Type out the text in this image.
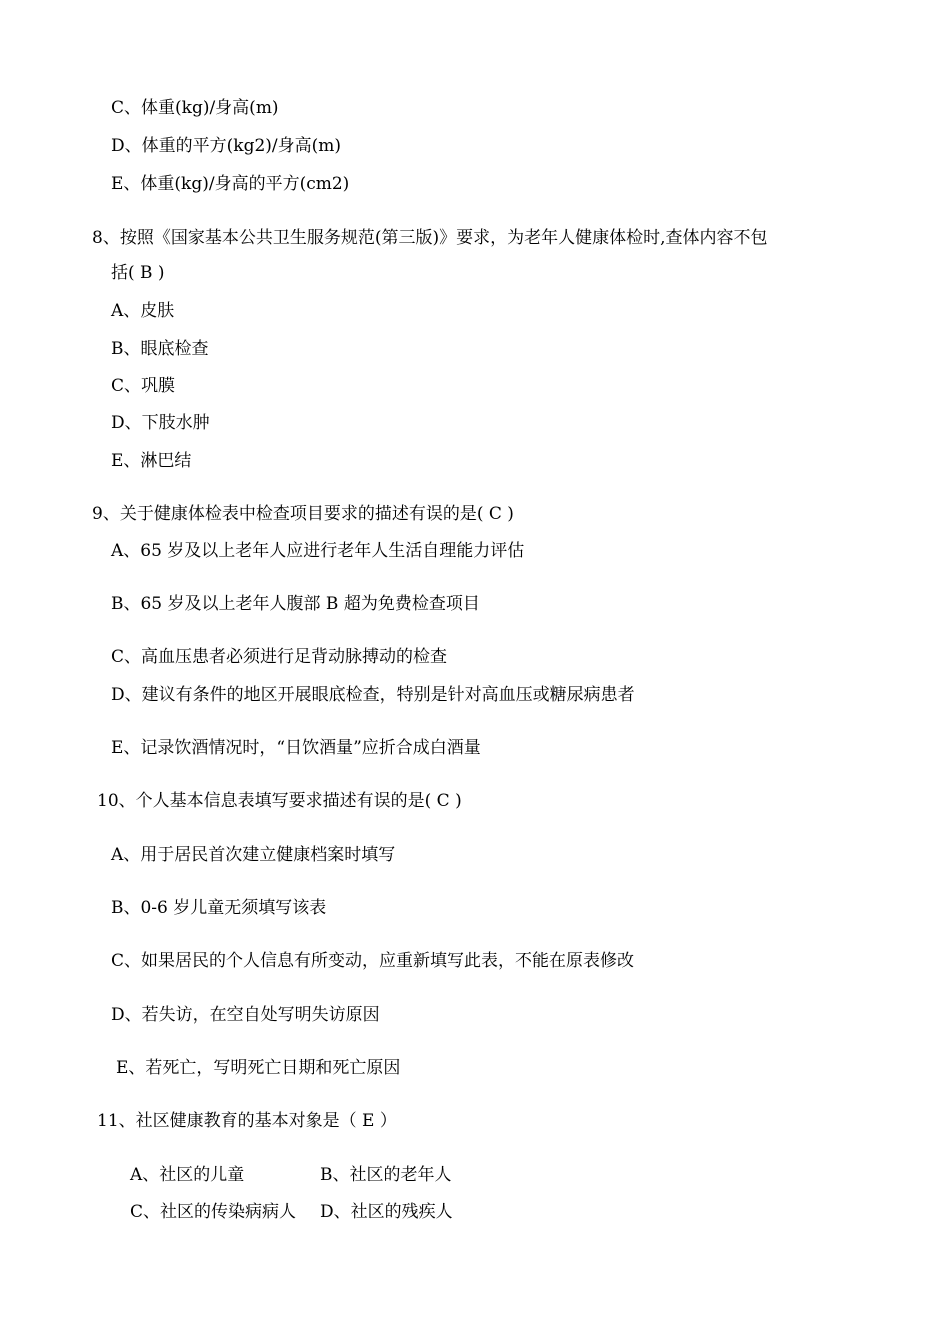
C、体重(kg)/身高(m)
D、体重的平方(kg2)/身高(m)
E、体重(kg)/身高的平方(cm2)
8、按照《国家基本公共卫生服务规范(第三版)》要求，为老年人健康体检时,查体内容不包
括( B )
A、皮肤
B、眼底检查
C、巩膜
D、下肢水肿
E、淋巴结
9、关于健康体检表中检查项目要求的描述有误的是( C )
A、65 岁及以上老年人应进行老年人生活自理能力评估
B、65 岁及以上老年人腹部 B 超为免费检查项目
C、高血压患者必须进行足背动脉搏动的检查
D、建议有条件的地区开展眼底检查，特别是针对高血压或糖尿病患者
E、记录饮酒情况时，“日饮酒量”应折合成白酒量
10、个人基本信息表填写要求描述有误的是( C )
A、用于居民首次建立健康档案时填写
B、0-6 岁儿童无须填写该表
C、如果居民的个人信息有所变动，应重新填写此表，不能在原表修改
D、若失访，在空自处写明失访原因
E、若死亡，写明死亡日期和死亡原因
11、社区健康教育的基本对象是（ E ）
A、社区的儿童	B、社区的老年人
C、社区的传染病病人 D、社区的残疾人
